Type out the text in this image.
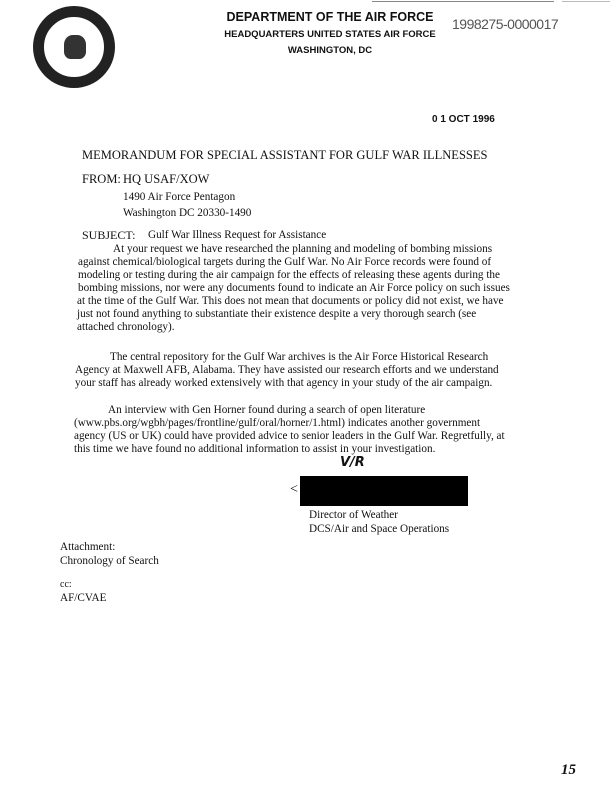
DEPARTMENT OF THE AIR FORCE
HEADQUARTERS UNITED STATES AIR FORCE
WASHINGTON, DC
1998275-0000017
0 1 OCT 1996
MEMORANDUM FOR SPECIAL ASSISTANT FOR GULF WAR ILLNESSES
FROM: HQ USAF/XOW
1490 Air Force Pentagon
Washington DC 20330-1490
SUBJECT: Gulf War Illness Request for Assistance
At your request we have researched the planning and modeling of bombing missions
against chemical/biological targets during the Gulf War. No Air Force records were found of
modeling or testing during the air campaign for the effects of releasing these agents during the
bombing missions, nor were any documents found to indicate an Air Force policy on such issues
at the time of the Gulf War. This does not mean that documents or policy did not exist, we have
just not found anything to substantiate their existence despite a very thorough search (see
attached chronology).
The central repository for the Gulf War archives is the Air Force Historical Research
Agency at Maxwell AFB, Alabama. They have assisted our research efforts and we understand
your staff has already worked extensively with that agency in your study of the air campaign.
An interview with Gen Horner found during a search of open literature
(www.pbs.org/wgbh/pages/frontline/gulf/oral/horner/1.html) indicates another government
agency (US or UK) could have provided advice to senior leaders in the Gulf War. Regretfully, at
this time we have found no additional information to assist in your investigation.
V/R
<
Director of Weather
DCS/Air and Space Operations
Attachment:
Chronology of Search
cc:
AF/CVAE
15
